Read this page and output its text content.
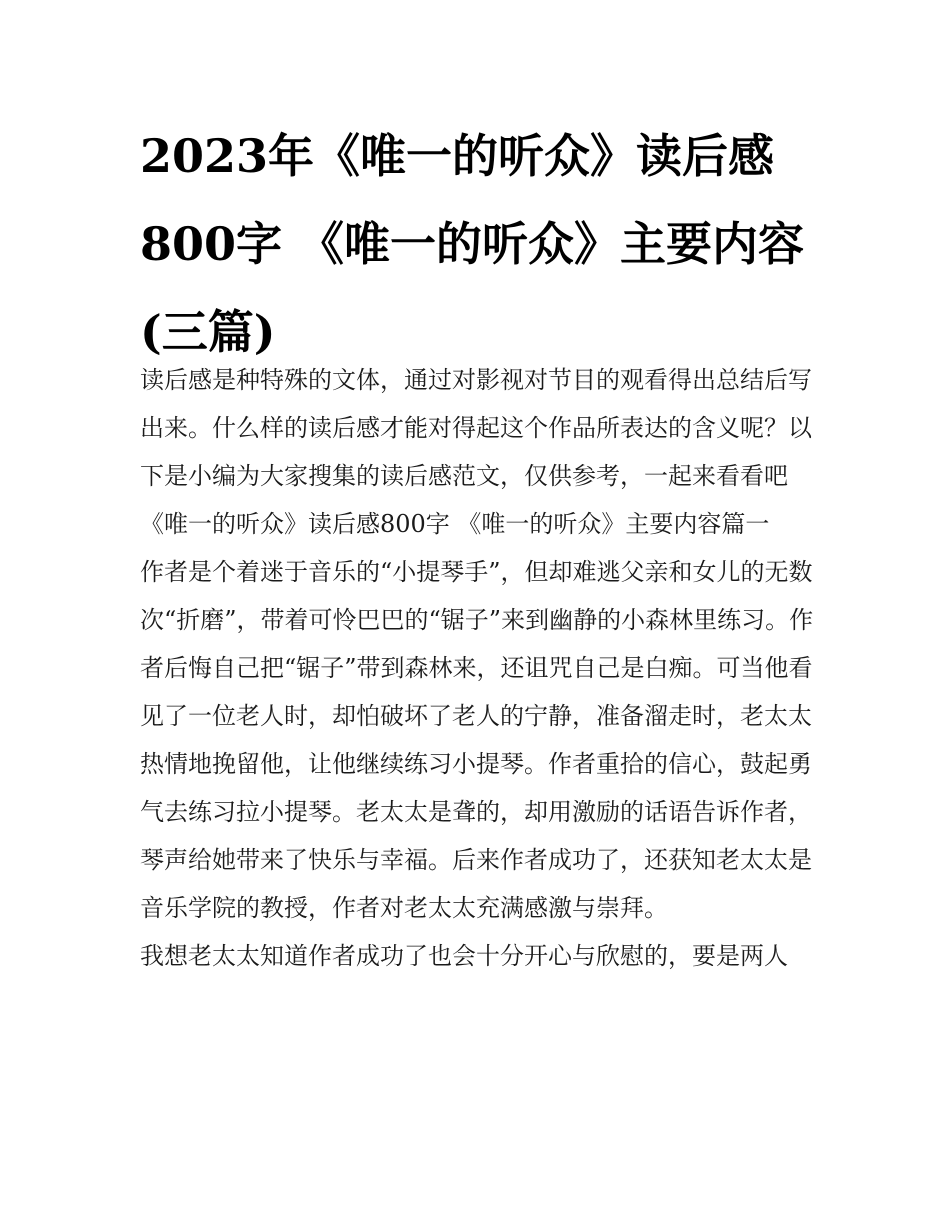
2023年《唯一的听众》读后感800字 《唯一的听众》主要内容(三篇)

读后感是种特殊的文体，通过对影视对节目的观看得出总结后写出来。什么样的读后感才能对得起这个作品所表达的含义呢？以下是小编为大家搜集的读后感范文，仅供参考，一起来看看吧

《唯一的听众》读后感800字 《唯一的听众》主要内容篇一

作者是个着迷于音乐的“小提琴手”，但却难逃父亲和女儿的无数次“折磨”，带着可怜巴巴的“锯子”来到幽静的小森林里练习。作者后悔自己把“锯子”带到森林来，还诅咒自己是白痴。可当他看见了一位老人时，却怕破坏了老人的宁静，准备溜走时，老太太热情地挽留他，让他继续练习小提琴。作者重拾的信心，鼓起勇气去练习拉小提琴。老太太是聋的，却用激励的话语告诉作者，琴声给她带来了快乐与幸福。后来作者成功了，还获知老太太是音乐学院的教授，作者对老太太充满感激与崇拜。

我想老太太知道作者成功了也会十分开心与欣慰的，要是两人
